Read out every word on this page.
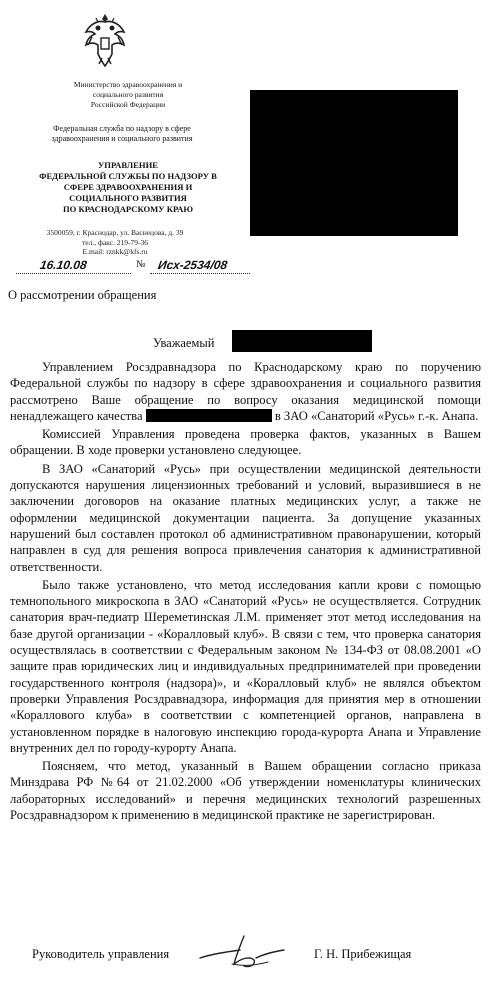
Министерство здравоохранения и
социального развития
Российской Федерации
Федеральная служба по надзору в сфере
здравоохранения и социального развития
УПРАВЛЕНИЕ
ФЕДЕРАЛЬНОЙ СЛУЖБЫ ПО НАДЗОРУ В
СФЕРЕ ЗДРАВООХРАНЕНИЯ И
СОЦИАЛЬНОГО РАЗВИТИЯ
ПО КРАСНОДАРСКОМУ КРАЮ
3500059, г. Краснодар, ул. Васнецова, д. 39
тел., факс. 219-79-36
E.mail: rznkk@kfs.ru
16.10.08	№ Исх-2534/08
О рассмотрении обращения
Уважаемый

Управлением Росздравнадзора по Краснодарскому краю по поручению Федеральной службы по надзору в сфере здравоохранения и социального развития рассмотрено Ваше обращение по вопросу оказания медицинской помощи ненадлежащего качества	в ЗАО «Санаторий «Русь» г.-к. Анапа.

Комиссией Управления проведена проверка фактов, указанных в Вашем обращении. В ходе проверки установлено следующее.

В ЗАО «Санаторий «Русь» при осуществлении медицинской деятельности допускаются нарушения лицензионных требований и условий, выразившиеся в не заключении договоров на оказание платных медицинских услуг, а также не оформлении медицинской документации пациента. За допущение указанных нарушений был составлен протокол об административном правонарушении, который направлен в суд для решения вопроса привлечения санатория к административной ответственности.

Было также установлено, что метод исследования капли крови с помощью темнопольного микроскопа в ЗАО «Санаторий «Русь» не осуществляется. Сотрудник санатория врач-педиатр Шереметинская Л.М. применяет этот метод исследования на базе другой организации - «Коралловый клуб». В связи с тем, что проверка санатория осуществлялась в соответствии с Федеральным законом № 134-ФЗ от 08.08.2001 «О защите прав юридических лиц и индивидуальных предпринимателей при проведении государственного контроля (надзора)», и «Коралловый клуб» не являлся объектом проверки Управления Росздравнадзора, информация для принятия мер в отношении «Кораллового клуба» в соответствии с компетенцией органов, направлена в установленном порядке в налоговую инспекцию города-курорта Анапа и Управление внутренних дел по городу-курорту Анапа.

Поясняем, что метод, указанный в Вашем обращении согласно приказа Минздрава РФ №64 от 21.02.2000 «Об утверждении номенклатуры клинических лабораторных исследований» и перечня медицинских технологий разрешенных Росздравнадзором к применению в медицинской практике не зарегистрирован.

Руководитель управления	Г. Н. Прибежищая
